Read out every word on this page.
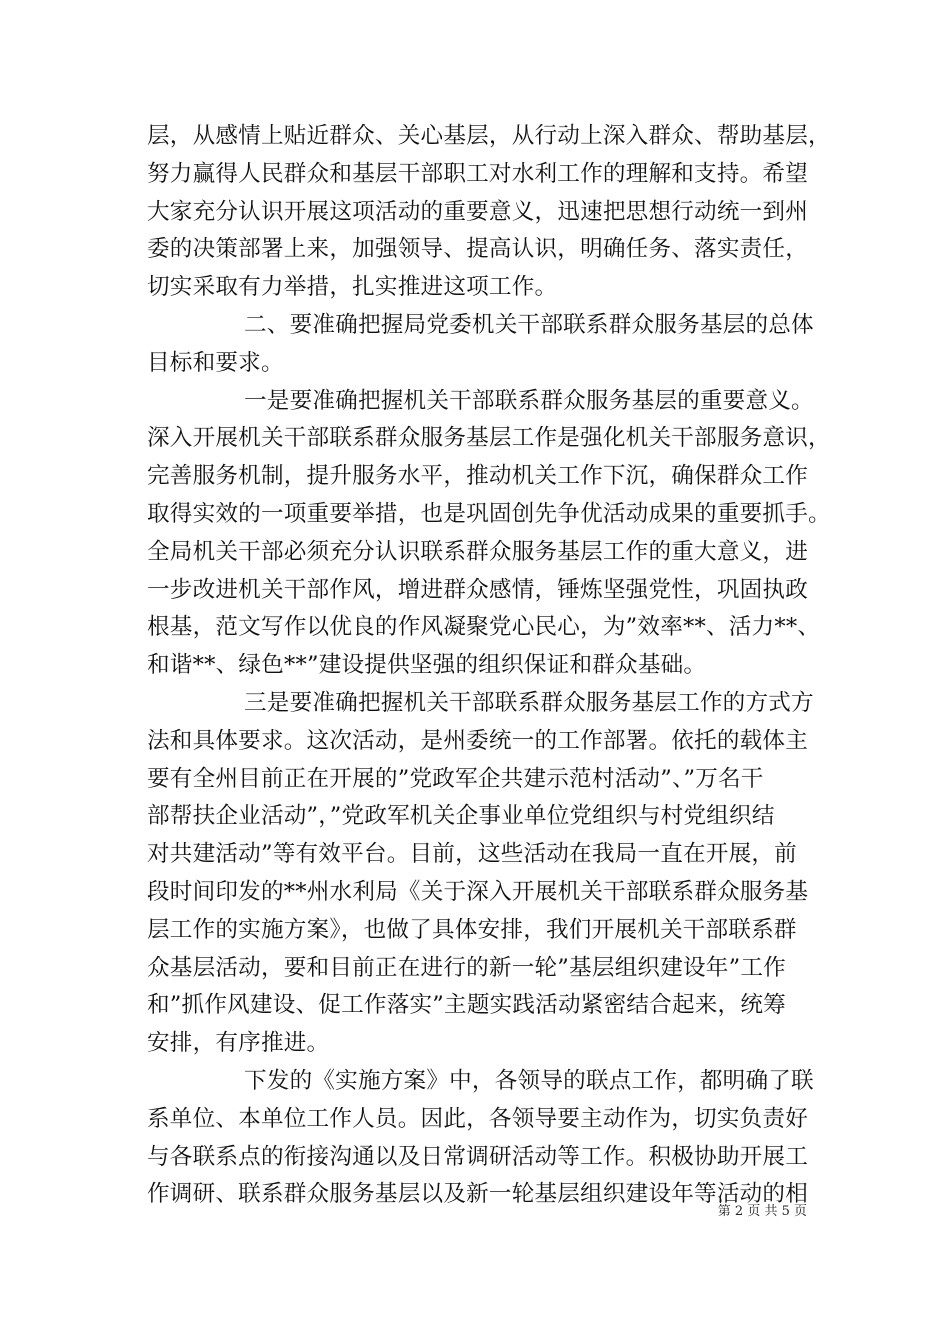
层，从感情上贴近群众、关心基层，从行动上深入群众、帮助基层，
努力赢得人民群众和基层干部职工对水利工作的理解和支持。希望
大家充分认识开展这项活动的重要意义，迅速把思想行动统一到州
委的决策部署上来，加强领导、提高认识，明确任务、落实责任，
切实采取有力举措，扎实推进这项工作。
二、要准确把握局党委机关干部联系群众服务基层的总体
目标和要求。
一是要准确把握机关干部联系群众服务基层的重要意义。
深入开展机关干部联系群众服务基层工作是强化机关干部服务意识，
完善服务机制，提升服务水平，推动机关工作下沉，确保群众工作
取得实效的一项重要举措，也是巩固创先争优活动成果的重要抓手。
全局机关干部必须充分认识联系群众服务基层工作的重大意义，进
一步改进机关干部作风，增进群众感情，锤炼坚强党性，巩固执政
根基，范文写作以优良的作风凝聚党心民心，为”效率**、活力**、
和谐**、绿色**”建设提供坚强的组织保证和群众基础。
三是要准确把握机关干部联系群众服务基层工作的方式方
法和具体要求。这次活动，是州委统一的工作部署。依托的载体主
要有全州目前正在开展的”党政军企共建示范村活动”、”万名干
部帮扶企业活动”，”党政军机关企事业单位党组织与村党组织结
对共建活动”等有效平台。目前，这些活动在我局一直在开展，前
段时间印发的**州水利局《关于深入开展机关干部联系群众服务基
层工作的实施方案》，也做了具体安排，我们开展机关干部联系群
众基层活动，要和目前正在进行的新一轮”基层组织建设年”工作
和”抓作风建设、促工作落实”主题实践活动紧密结合起来，统筹
安排，有序推进。
下发的《实施方案》中，各领导的联点工作，都明确了联
系单位、本单位工作人员。因此，各领导要主动作为，切实负责好
与各联系点的衔接沟通以及日常调研活动等工作。积极协助开展工
作调研、联系群众服务基层以及新一轮基层组织建设年等活动的相
第 2 页 共 5 页
